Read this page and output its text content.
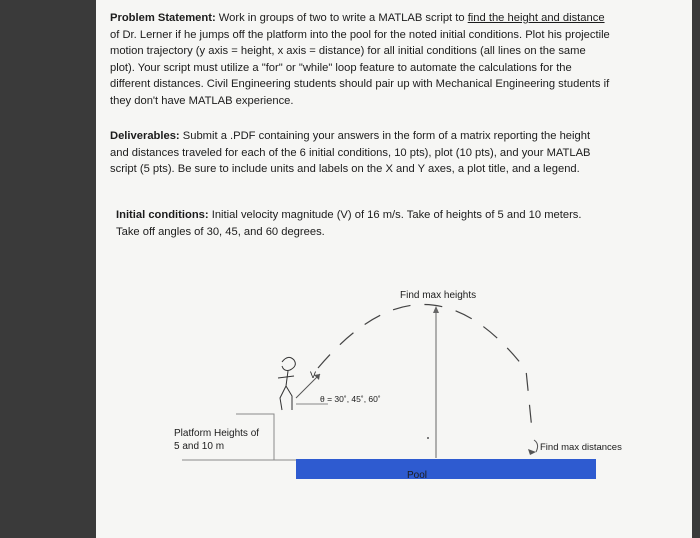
Problem Statement: Work in groups of two to write a MATLAB script to find the height and distance of Dr. Lerner if he jumps off the platform into the pool for the noted initial conditions. Plot his projectile motion trajectory (y axis = height, x axis = distance) for all initial conditions (all lines on the same plot). Your script must utilize a "for" or "while" loop feature to automate the calculations for the different distances. Civil Engineering students should pair up with Mechanical Engineering students if they don't have MATLAB experience.
Deliverables: Submit a .PDF containing your answers in the form of a matrix reporting the height and distances traveled for each of the 6 initial conditions, 10 pts), plot (10 pts), and your MATLAB script (5 pts). Be sure to include units and labels on the X and Y axes, a plot title, and a legend.
Initial conditions: Initial velocity magnitude (V) of 16 m/s. Take of heights of 5 and 10 meters. Take off angles of 30, 45, and 60 degrees.
Pool
V
θ = 30˚, 45˚, 60˚
Find max heights
Find max distances
Platform Heights of
5 and 10 m
